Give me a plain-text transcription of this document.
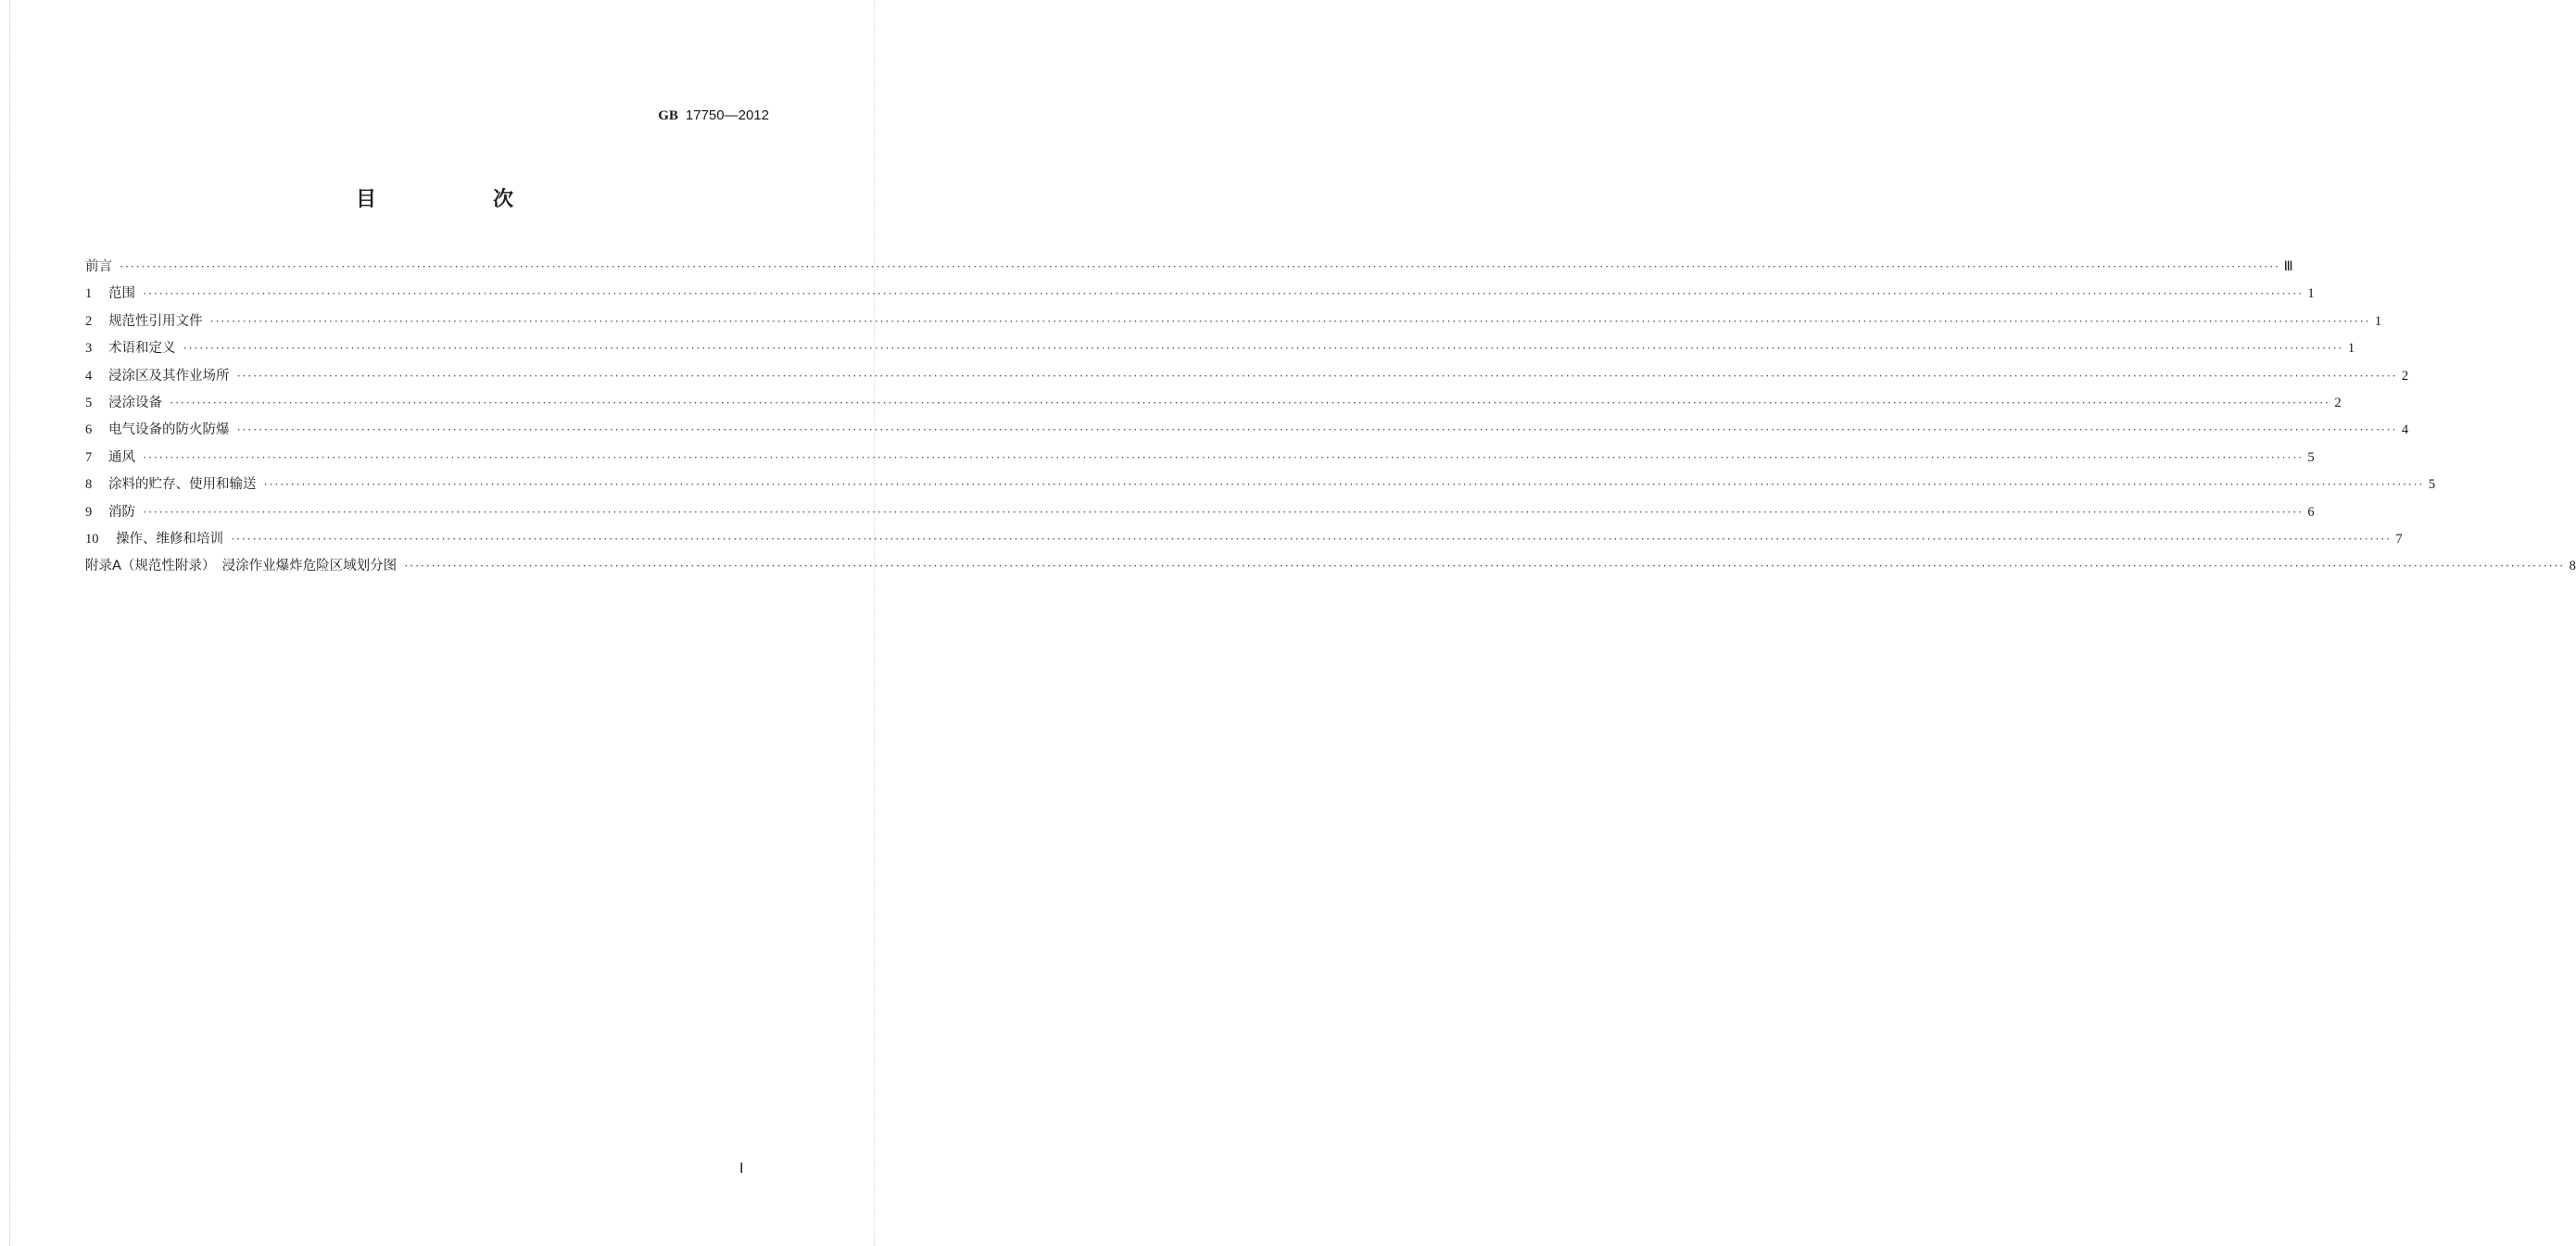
GB 17750—2012
目　次
前言 ················································································································································································································································································································································································································ Ⅲ
1	范围 ················································································································································································································································································································································································································ 1
2	规范性引用文件 ················································································································································································································································································································································································································ 1
3	术语和定义 ················································································································································································································································································································································································································ 1
4	浸涂区及其作业场所 ················································································································································································································································································································································································································ 2
5	浸涂设备 ················································································································································································································································································································································································································ 2
6	电气设备的防火防爆 ················································································································································································································································································································································································································ 4
7	通风 ················································································································································································································································································································································································································ 5
8	涂料的贮存、使用和输送 ················································································································································································································································································································································································································ 5
9	消防 ················································································································································································································································································································································································································ 6
10	操作、维修和培训 ················································································································································································································································································································································································································ 7
附录A（规范性附录）　浸涂作业爆炸危险区域划分图 ················································································································································································································································································································································································································ 8
Ⅰ
